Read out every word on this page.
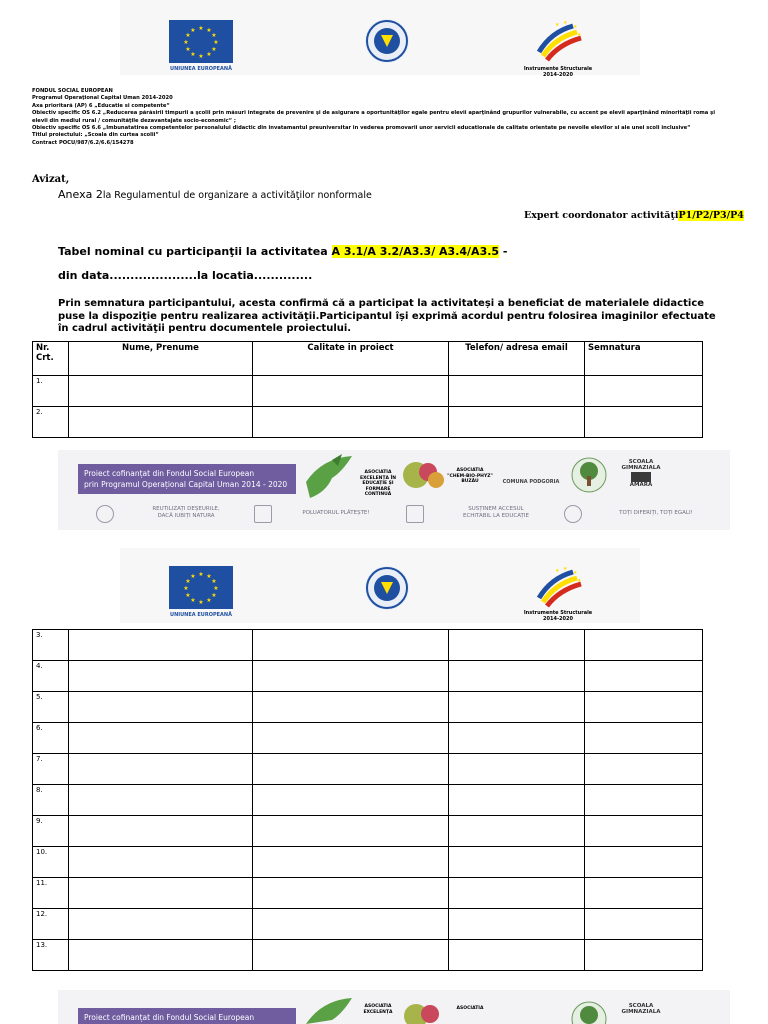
★ ★
★
★
★
★
★
★
★
★
★
★
UNIUNEA EUROPEANĂ
★
★
★
★
Instrumente Structurale
2014-2020
FONDUL SOCIAL EUROPEAN
Programul Operaţional Capital Uman 2014-2020
Axa prioritară (AP) 6 „Educatie si competente“
Obiectiv specific OS 6.2 „Reducerea părăsirii timpurii a şcolii prin măsuri integrate de prevenire şi de asigurare a oportunităţilor egale pentru elevii aparţinând grupurilor vulnerabile, cu accent pe elevii aparţinând minorităţii roma şi elevii din mediul rural / comunităţile dezavantajate socio-economic“ ;
Obiectiv specific OS 6.6 „Imbunatatirea competentelor personalului didactic din invatamantul preuniversitar in vederea promovarii unor servicii educationale de calitate orientate pe nevoile elevilor si ale unei scoli inclusive“
Titlul proiectului: „Scoala din curtea scolii“
Contract POCU/987/6.2/6.6/154278
Avizat,
Anexa 2la Regulamentul de organizare a activităţilor nonformale
Expert coordonator activităţiP1/P2/P3/P4
Tabel nominal cu participanţii la activitatea A 3.1/A 3.2/A3.3/ A3.4/A3.5 -
din data.....................la locatia..............
Prin semnatura participantului, acesta confirmă că a participat la activitateși a beneficiat de materialele didactice puse la dispoziţie pentru realizarea activităţii.Participantul își exprimă acordul pentru folosirea imaginilor efectuate în cadrul activităţii pentru documentele proiectului.
Nr. Crt.	Nume, Prenume	Calitate in proiect	Telefon/ adresa email	Semnatura
1.				
2.				
Proiect cofinanțat din Fondul Social European
prin Programul Operațional Capital Uman 2014 - 2020
ASOCIATIA EXCELENȚA ÎN EDUCAȚIE ȘI FORMARE CONTINUĂ
ASOCIATIA
"CHEM-BIO-PHYZ"
BUZĂU	COMUNA PODGORIA
SCOALA
GIMNAZIALA
AMARA
REUTILIZAȚI DEȘEURILE,
DACĂ IUBIȚI NATURA	POLUATORUL PLĂTEȘTE!
SUSȚINEM ACCESUL
ECHITABIL LA EDUCAȚIE	TOȚI DIFERIȚI, TOȚI EGALI!
★ ★
★
★
★
★
★
★
★
★
★
★
UNIUNEA EUROPEANĂ
★
★
★
★
Instrumente Structurale
2014-2020
3.				
4.				
5.				
6.				
7.				
8.				
9.				
10.				
11.				
12.				
13.				
Proiect cofinanțat din Fondul Social European
ASOCIATIA
EXCELENȚA
ASOCIATIA	SCOALA
GIMNAZIALA
